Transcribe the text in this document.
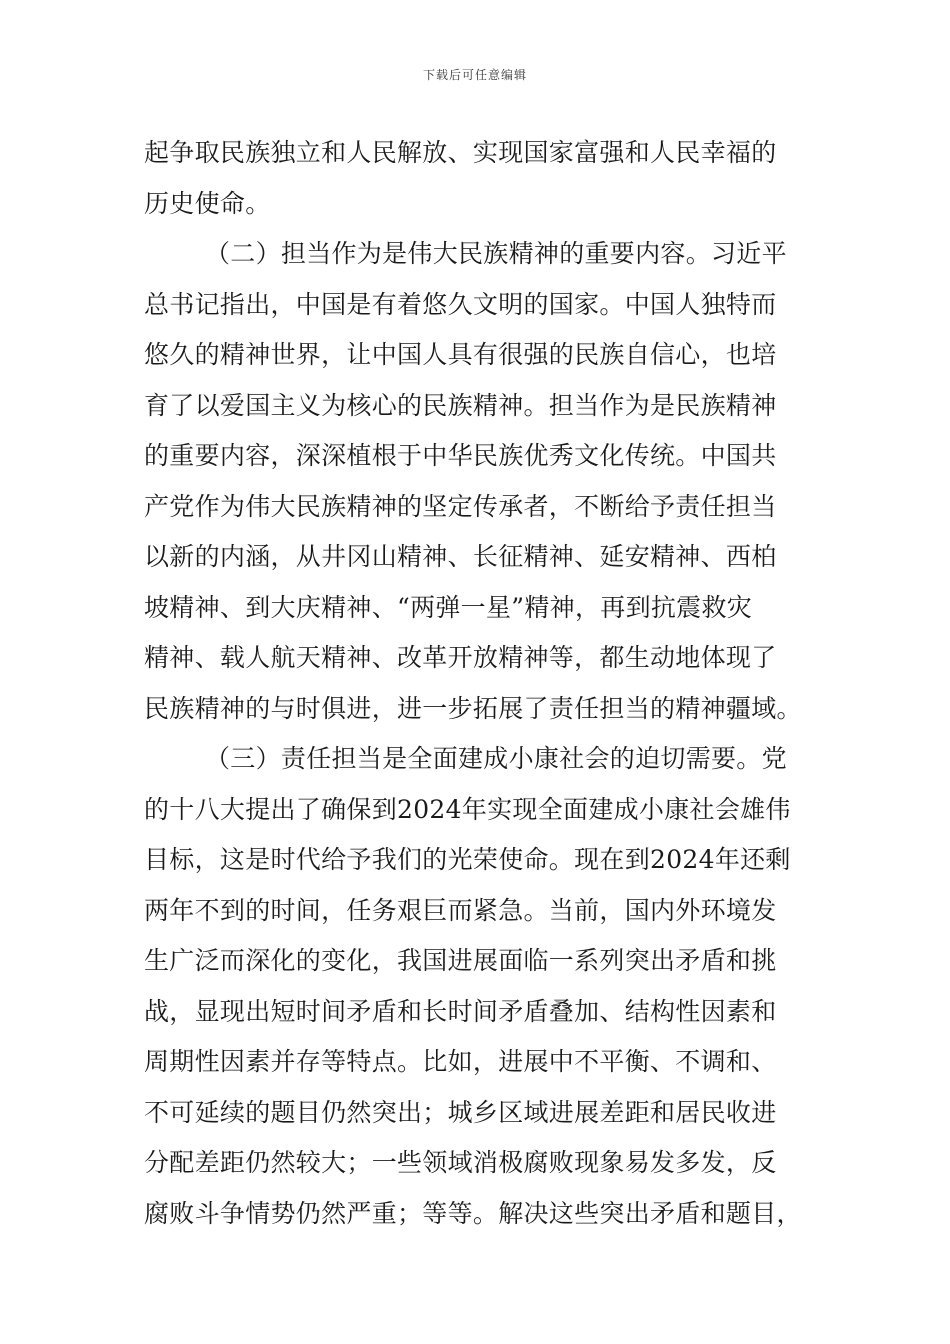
下载后可任意编辑
起争取民族独立和人民解放、实现国家富强和人民幸福的
历史使命。
（二）担当作为是伟大民族精神的重要内容。习近平
总书记指出，中国是有着悠久文明的国家。中国人独特而
悠久的精神世界，让中国人具有很强的民族自信心，也培
育了以爱国主义为核心的民族精神。担当作为是民族精神
的重要内容，深深植根于中华民族优秀文化传统。中国共
产党作为伟大民族精神的坚定传承者，不断给予责任担当
以新的内涵，从井冈山精神、长征精神、延安精神、西柏
坡精神、到大庆精神、“两弹一星”精神，再到抗震救灾
精神、载人航天精神、改革开放精神等，都生动地体现了
民族精神的与时俱进，进一步拓展了责任担当的精神疆域。
（三）责任担当是全面建成小康社会的迫切需要。党
的十八大提出了确保到2024年实现全面建成小康社会雄伟
目标，这是时代给予我们的光荣使命。现在到2024年还剩
两年不到的时间，任务艰巨而紧急。当前，国内外环境发
生广泛而深化的变化，我国进展面临一系列突出矛盾和挑
战，显现出短时间矛盾和长时间矛盾叠加、结构性因素和
周期性因素并存等特点。比如，进展中不平衡、不调和、
不可延续的题目仍然突出；城乡区域进展差距和居民收进
分配差距仍然较大；一些领域消极腐败现象易发多发，反
腐败斗争情势仍然严重；等等。解决这些突出矛盾和题目，
